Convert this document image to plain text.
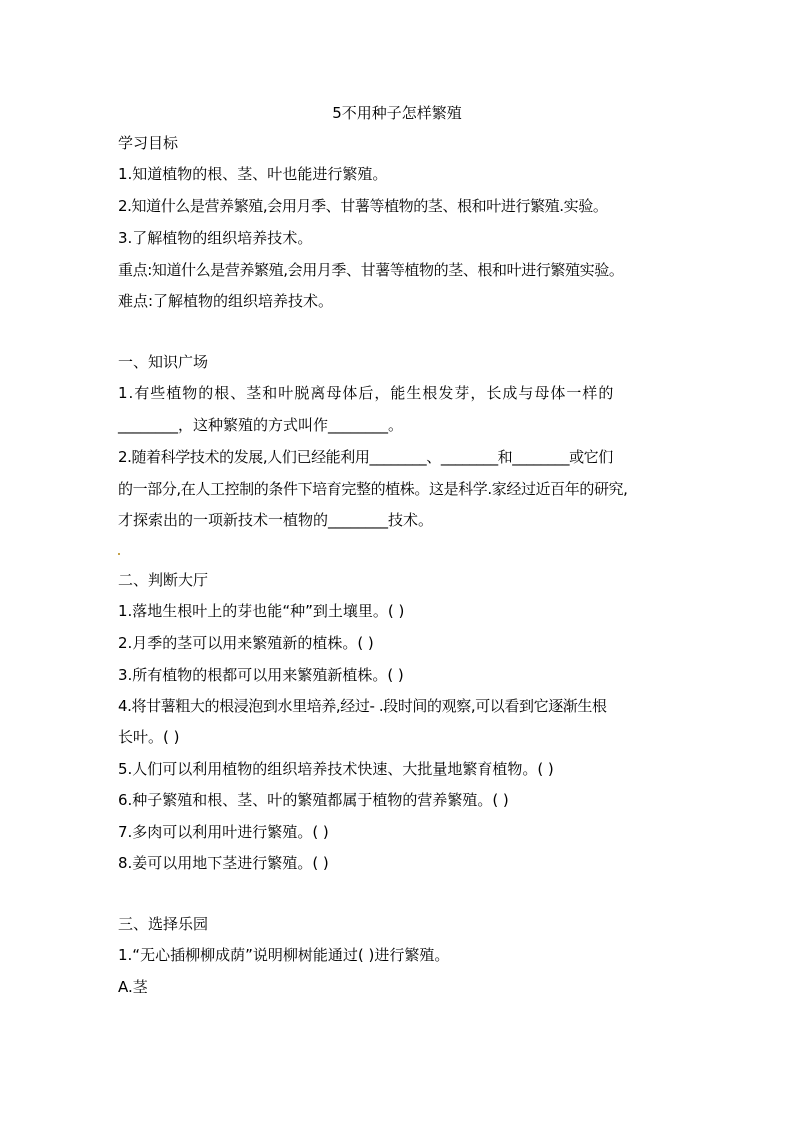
5不用种子怎样繁殖
学习目标
1.知道植物的根、茎、叶也能进行繁殖。
2.知道什么是营养繁殖,会用月季、甘薯等植物的茎、根和叶进行繁殖.实验。
3.了解植物的组织培养技术。
重点:知道什么是营养繁殖,会用月季、甘薯等植物的茎、根和叶进行繁殖实验。
难点:了解植物的组织培养技术。
一、知识广场
1.有些植物的根、茎和叶脱离母体后，能生根发芽，长成与母体一样的
________，这种繁殖的方式叫作________。
2.随着科学技术的发展,人们已经能利用________、________和________或它们
的一部分,在人工控制的条件下培育完整的植株。这是科学.家经过近百年的研究,
才探索出的一项新技术一植物的________技术。
二、判断大厅
1.落地生根叶上的芽也能“种”到土壤里。( )
2.月季的茎可以用来繁殖新的植株。( )
3.所有植物的根都可以用来繁殖新植株。( )
4.将甘薯粗大的根浸泡到水里培养,经过- .段时间的观察,可以看到它逐渐生根
长叶。( )
5.人们可以利用植物的组织培养技术快速、大批量地繁育植物。( )
6.种子繁殖和根、茎、叶的繁殖都属于植物的营养繁殖。( )
7.多肉可以利用叶进行繁殖。( )
8.姜可以用地下茎进行繁殖。( )
三、选择乐园
1.“无心插柳柳成荫”说明柳树能通过( )进行繁殖。
A.茎
